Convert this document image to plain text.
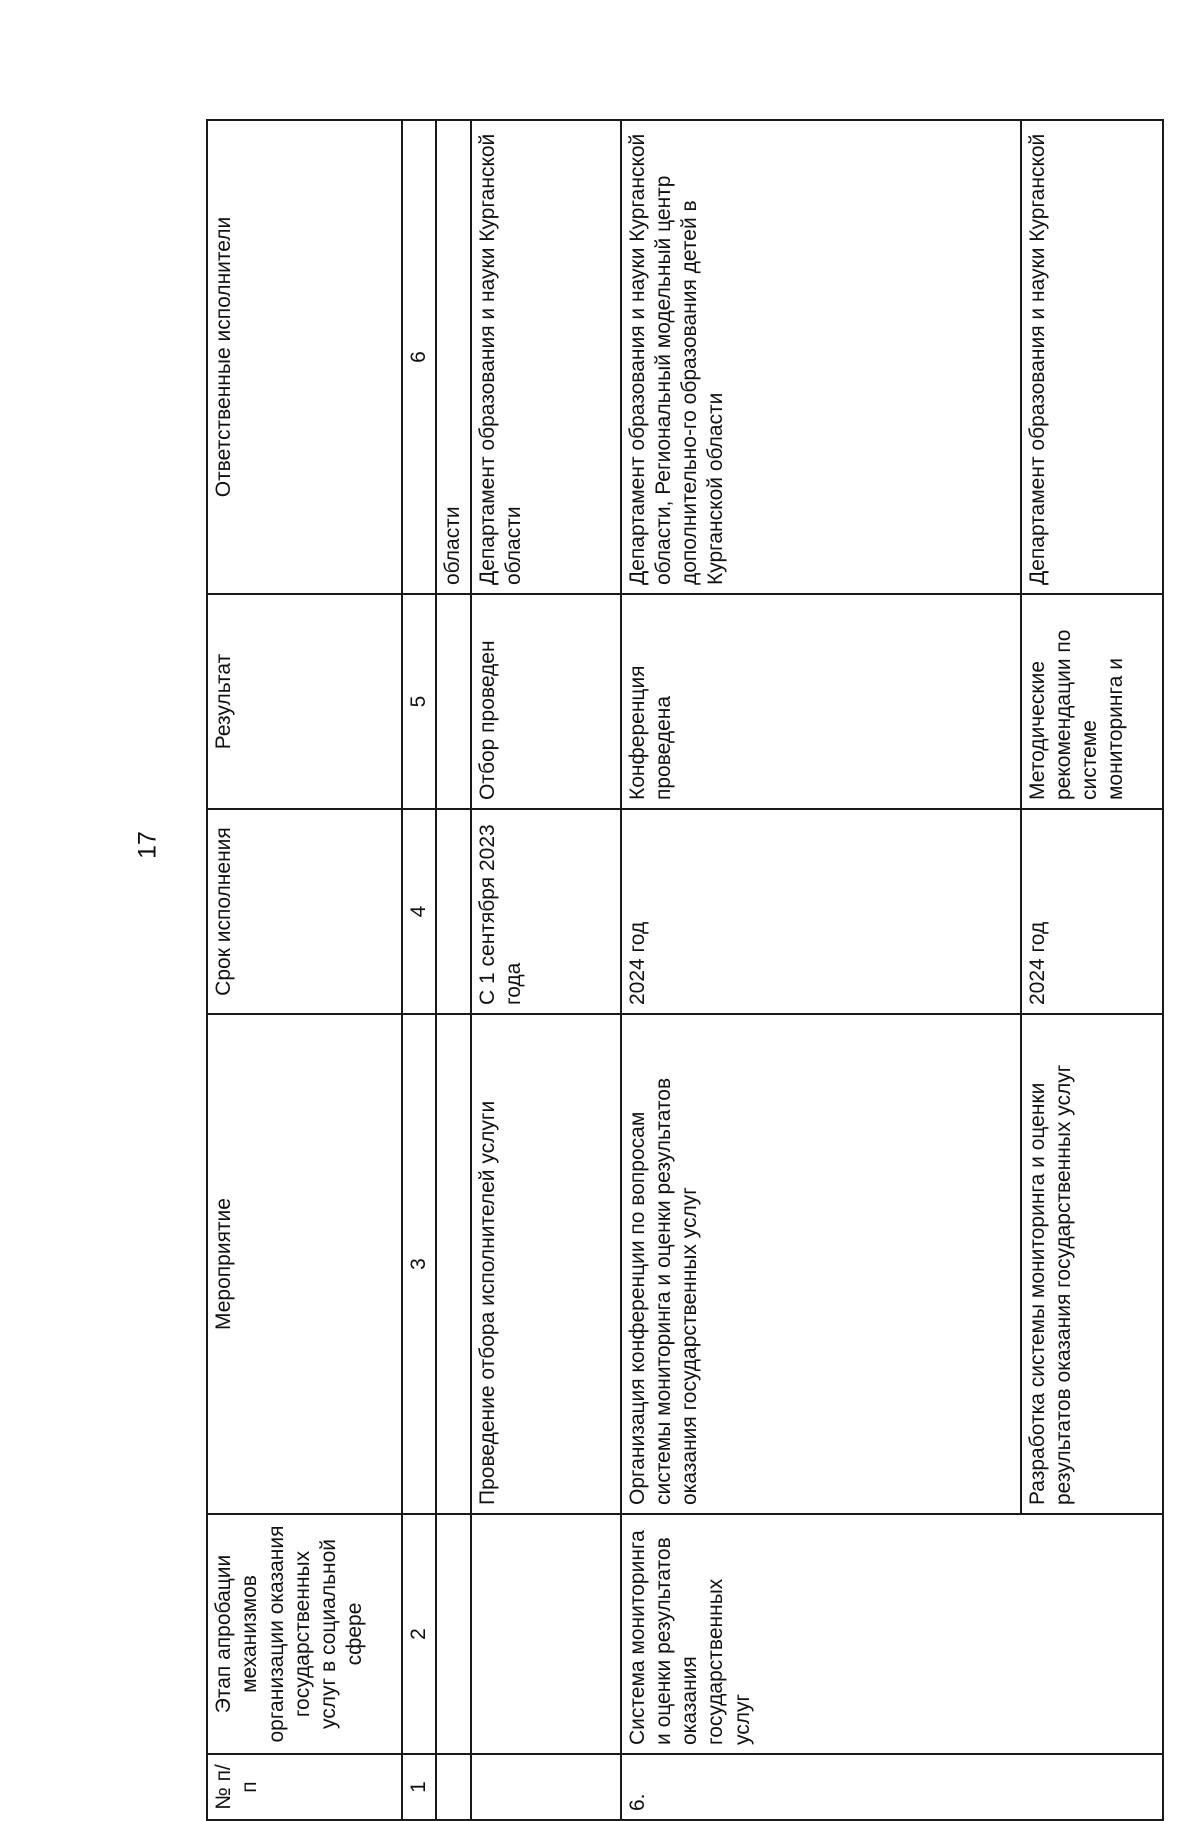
17
№ п/п	Этап апробации механизмов организации оказания государственных услуг в социальной сфере	Мероприятие	Срок исполнения	Результат	Ответственные исполнители
1	2	3	4	5	6
					области
		Проведение отбора исполнителей услуги	С 1 сентября 2023 года	Отбор проведен	Департамент образования и науки Курганской области
6.	Система мониторинга и оценки результатов оказания государственных услуг	Организация конференции по вопросам системы мониторинга и оценки результатов оказания государственных услуг	2024 год	Конференция проведена	Департамент образования и науки Курганской области, Региональный модельный центр дополнительно-го образования детей в Курганской области
		Разработка системы мониторинга и оценки результатов оказания государственных услуг	2024 год	Методические рекомендации по системе мониторинга и	Департамент образования и науки Курганской
